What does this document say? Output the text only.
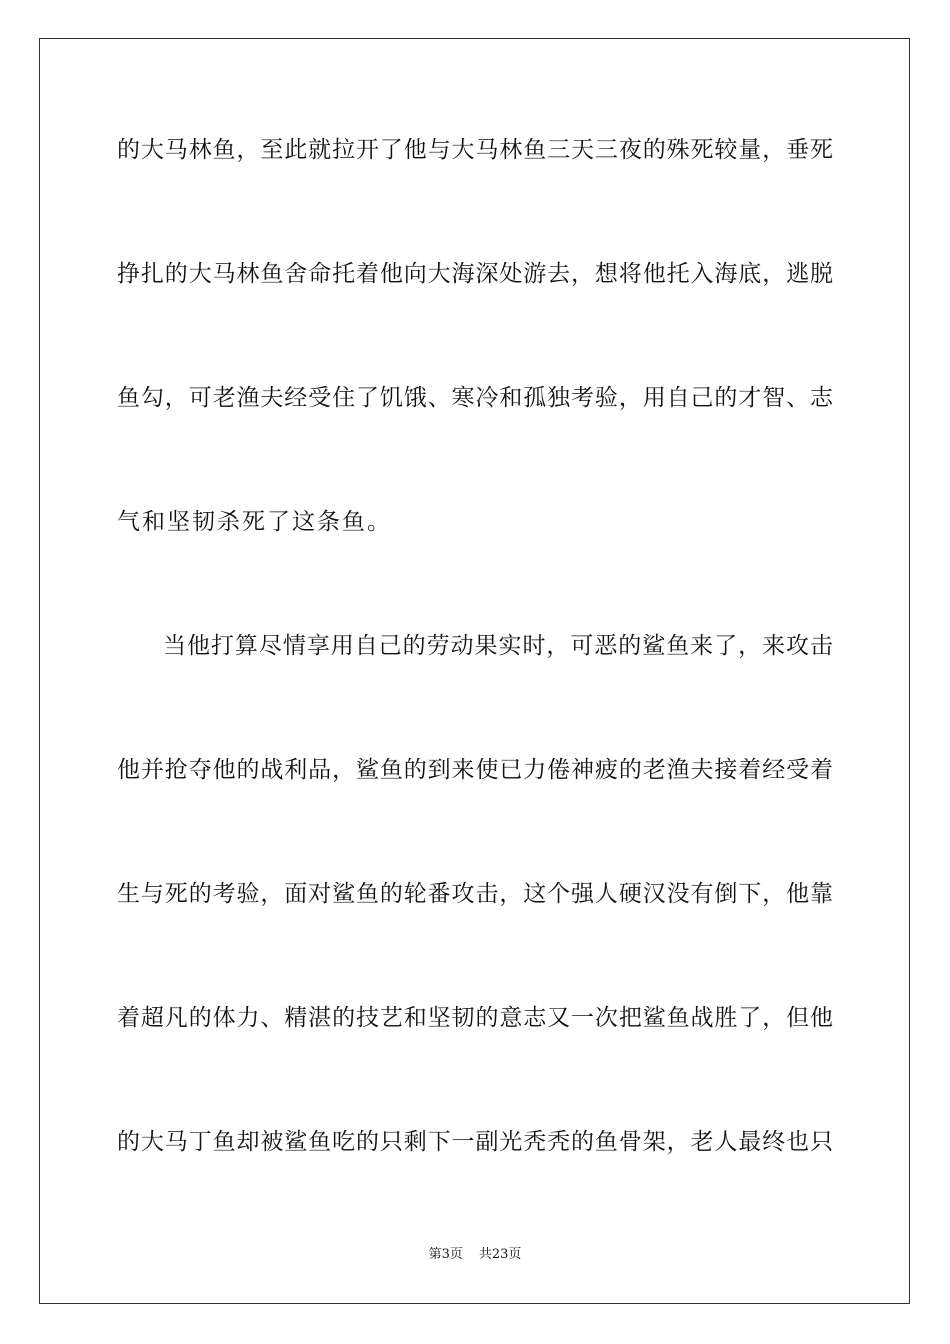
的大马林鱼，至此就拉开了他与大马林鱼三天三夜的殊死较量，垂死
挣扎的大马林鱼舍命托着他向大海深处游去，想将他托入海底，逃脱
鱼勾，可老渔夫经受住了饥饿、寒冷和孤独考验，用自己的才智、志
气和坚韧杀死了这条鱼。
当他打算尽情享用自己的劳动果实时，可恶的鲨鱼来了，来攻击
他并抢夺他的战利品，鲨鱼的到来使已力倦神疲的老渔夫接着经受着
生与死的考验，面对鲨鱼的轮番攻击，这个强人硬汉没有倒下，他靠
着超凡的体力、精湛的技艺和坚韧的意志又一次把鲨鱼战胜了，但他
的大马丁鱼却被鲨鱼吃的只剩下一副光秃秃的鱼骨架，老人最终也只
第3页 共23页
